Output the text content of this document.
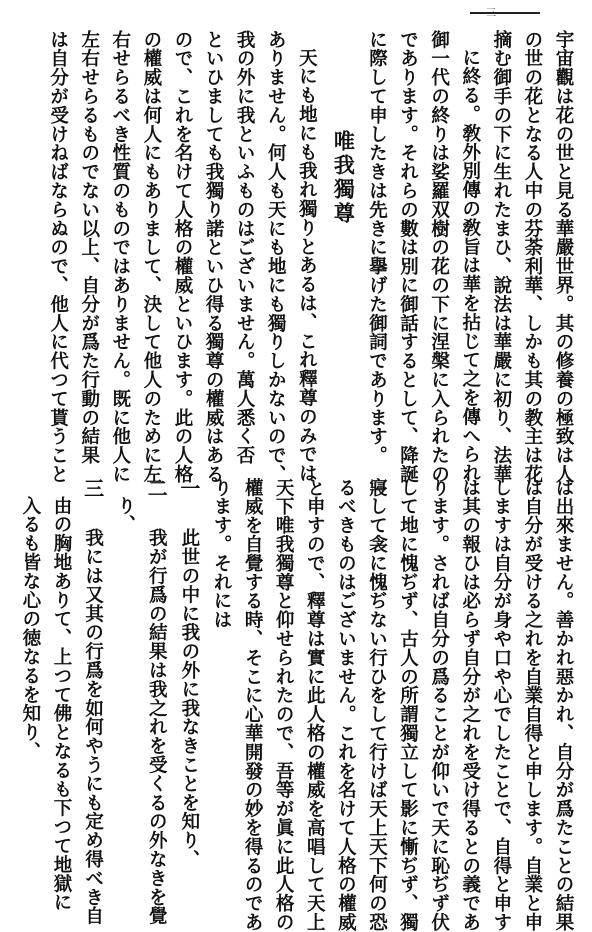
―三―
宇宙觀は花の世と見る華嚴世界。其の修養の極致は人
の世の花となる人中の芬荼利華、しかも其の教主は花
摘む御手の下に生れたまひ、說法は華嚴に初り、法華
に終る。敎外別傳の敎旨は華を拈じて之を傳へられ
御一代の終りは娑羅双樹の花の下に涅槃に入られたの
であります。それらの數は別に御話するとして、降誕
に際して申したきは先きに擧げた御詞であります。
唯我獨尊
天にも地にも我れ獨りとあるは、これ釋尊のみでは
ありません。何人も天にも地にも獨りしかないので、
我の外に我といふものはございません。萬人悉く否
といひましても我獨り諾といひ得る獨尊の權威はある
ので、これを名けて人格の權威といひます。此の人格
の權威は何人にもありまして、決して他人のために左
右せらるべき性質のものではありません。既に他人に
左右せらるものでない以上、自分が爲た行動の結果
は自分が受けねばならぬので、他人に代つて貰うこと
は出來ません。善かれ惡かれ、自分が爲たことの結果
は自分が受ける之れを自業自得と申します。自業と申
しますは自分が身や口や心でしたことで、自得と申す
は其の報ひは必らず自分が之れを受け得るとの義であ
ります。されば自分の爲ることが仰いで天に恥ぢず伏
して地に愧ぢず、古人の所謂獨立して影に慚ぢず、獨
寢して衾に愧ぢない行ひをして行けば天上天下何の恐
るべきものはございません。これを名けて人格の權威
と申すので、釋尊は實に此人格の權威を高唱して天上
天下唯我獨尊と仰せられたので、吾等が眞に此人格の
權威を自覺する時、そこに心華開發の妙を得るのであ
ります。それには
一此世の中に我の外に我なきことを知り、
二我が行爲の結果は我之れを受くるの外なきを覺
り、
三我には又其の行爲を如何やうにも定め得べき自
由の胸地ありて、上つて佛となるも下つて地獄に
入るも皆な心の徳なるを知り、
